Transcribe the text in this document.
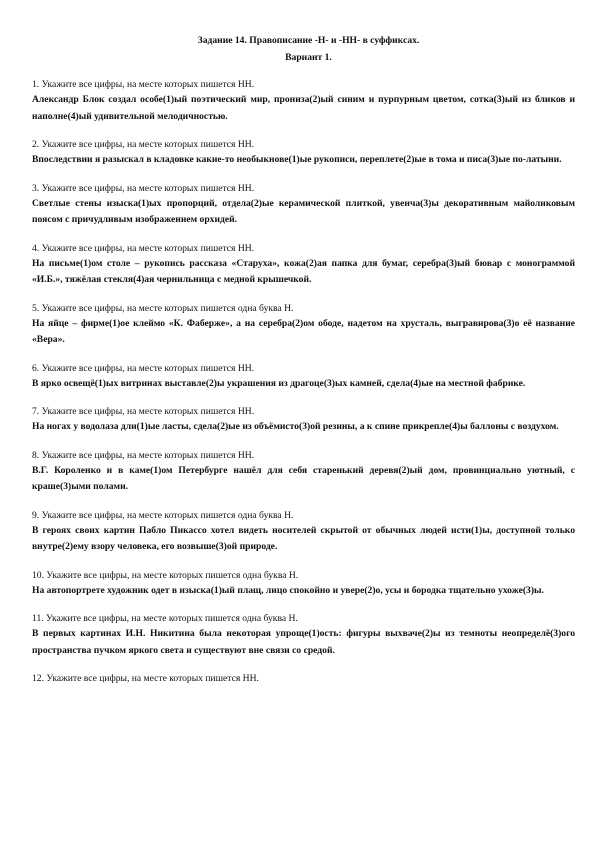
Задание 14. Правописание -Н- и -НН- в суффиксах.
Вариант 1.
1. Укажите все цифры, на месте которых пишется НН.
Александр Блок создал особе(1)ый поэтический мир, пронизa(2)ый синим и пурпурным цветом, сотка(3)ый из бликов и наполне(4)ый удивительной мелодичностью.
2. Укажите все цифры, на месте которых пишется НН.
Впоследствии я разыскал в кладовке какие-то необыкнове(1)ые рукописи, переплете(2)ые в тома и писа(3)ые по-латыни.
3. Укажите все цифры, на месте которых пишется НН.
Светлые стены изыска(1)ых пропорций, отдела(2)ые керамической плиткой, увенча(3)ы декоративным майоликовым поясом с причудливым изображением орхидей.
4. Укажите все цифры, на месте которых пишется НН.
На письме(1)ом столе – рукопись рассказа «Старуха», кожа(2)ая папка для бумаг, серебра(3)ый бювар с монограммой «И.Б.», тяжёлая стекля(4)ая чернильница с медной крышечкой.
5. Укажите все цифры, на месте которых пишется одна буква Н.
На яйце – фирме(1)ое клеймо «К. Фаберже», а на серебра(2)ом ободе, надетом на хрусталь, выгравирова(3)о её название «Вера».
6. Укажите все цифры, на месте которых пишется НН.
В ярко освещё(1)ых витринах выставле(2)ы украшения из драгоце(3)ых камней, сдела(4)ые на местной фабрике.
7. Укажите все цифры, на месте которых пишется НН.
На ногах у водолаза дли(1)ые ласты, сдела(2)ые из объёмисто(3)ой резины, а к спине прикрепле(4)ы баллоны с воздухом.
8. Укажите все цифры, на месте которых пишется НН.
В.Г. Короленко и в каме(1)ом Петербурге нашёл для себя старенький деревя(2)ый дом, провинциально уютный, с краше(3)ыми полами.
9. Укажите все цифры, на месте которых пишется одна буква Н.
В героях своих картин Пабло Пикассо хотел видеть носителей скрытой от обычных людей исти(1)ы, доступной только внутре(2)ему взору человека, его возвыше(3)ой природе.
10. Укажите все цифры, на месте которых пишется одна буква Н.
На автопортрете художник одет в изыска(1)ый плащ, лицо спокойно и увере(2)о, усы и бородка тщательно ухоже(3)ы.
11. Укажите все цифры, на месте которых пишется одна буква Н.
В первых картинах И.Н. Никитина была некоторая упроще(1)ость: фигуры выхваче(2)ы из темноты неопределё(3)ого пространства пучком яркого света и существуют вне связи со средой.
12. Укажите все цифры, на месте которых пишется НН.
